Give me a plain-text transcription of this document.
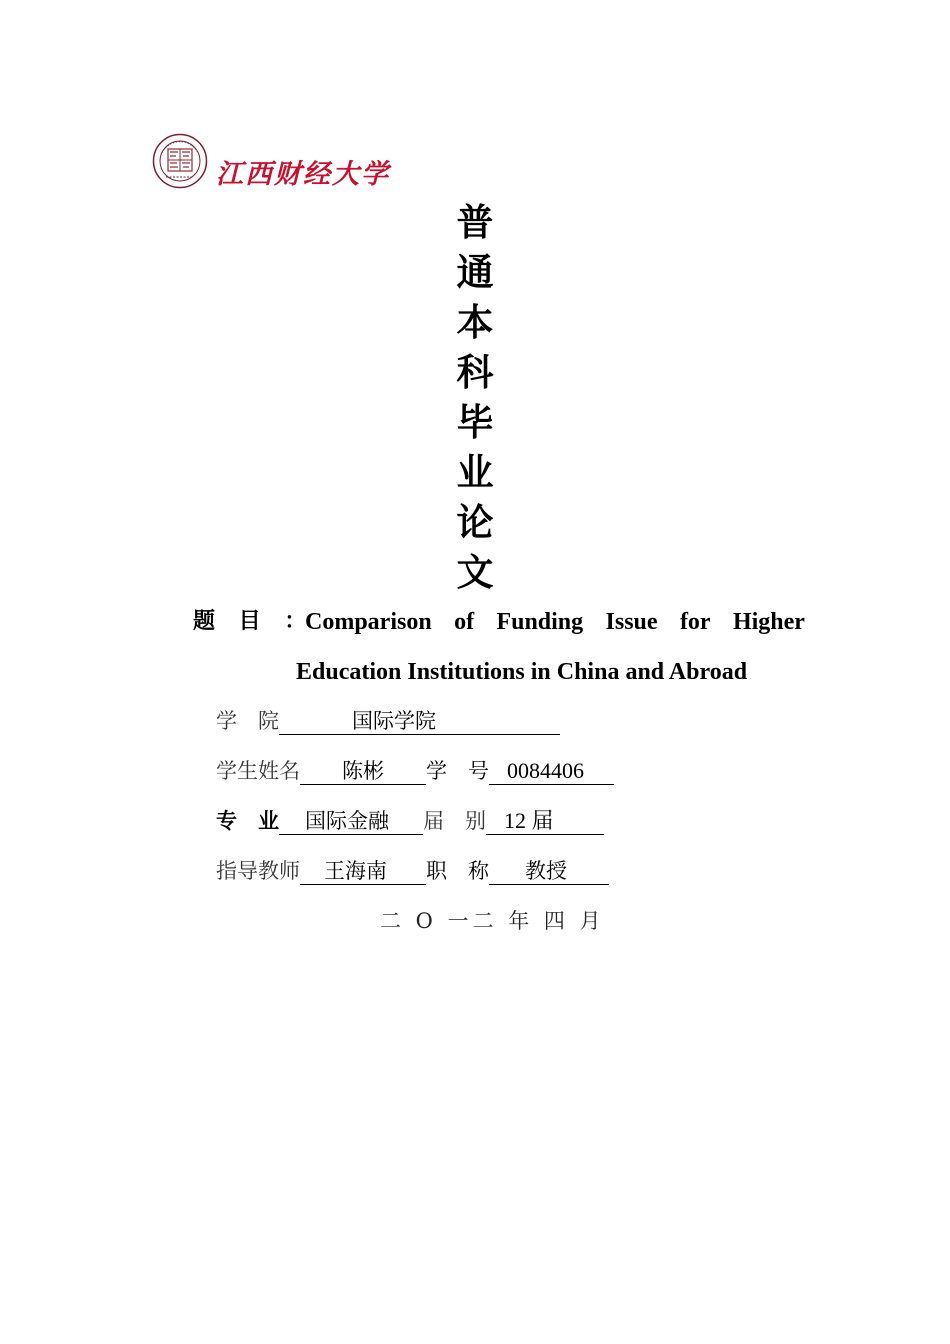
江西财经大学
普
通
本
科
毕
业
论
文
题 目 ：
Comparison of Funding Issue for Higher
Education Institutions in China and Abroad
学　院	国际学院
学生姓名	陈彬	学　号 0084406
专　业	国际金融	届　别 12 届
指导教师	王海南	职　称	教授
二 O 一二 年 四 月
